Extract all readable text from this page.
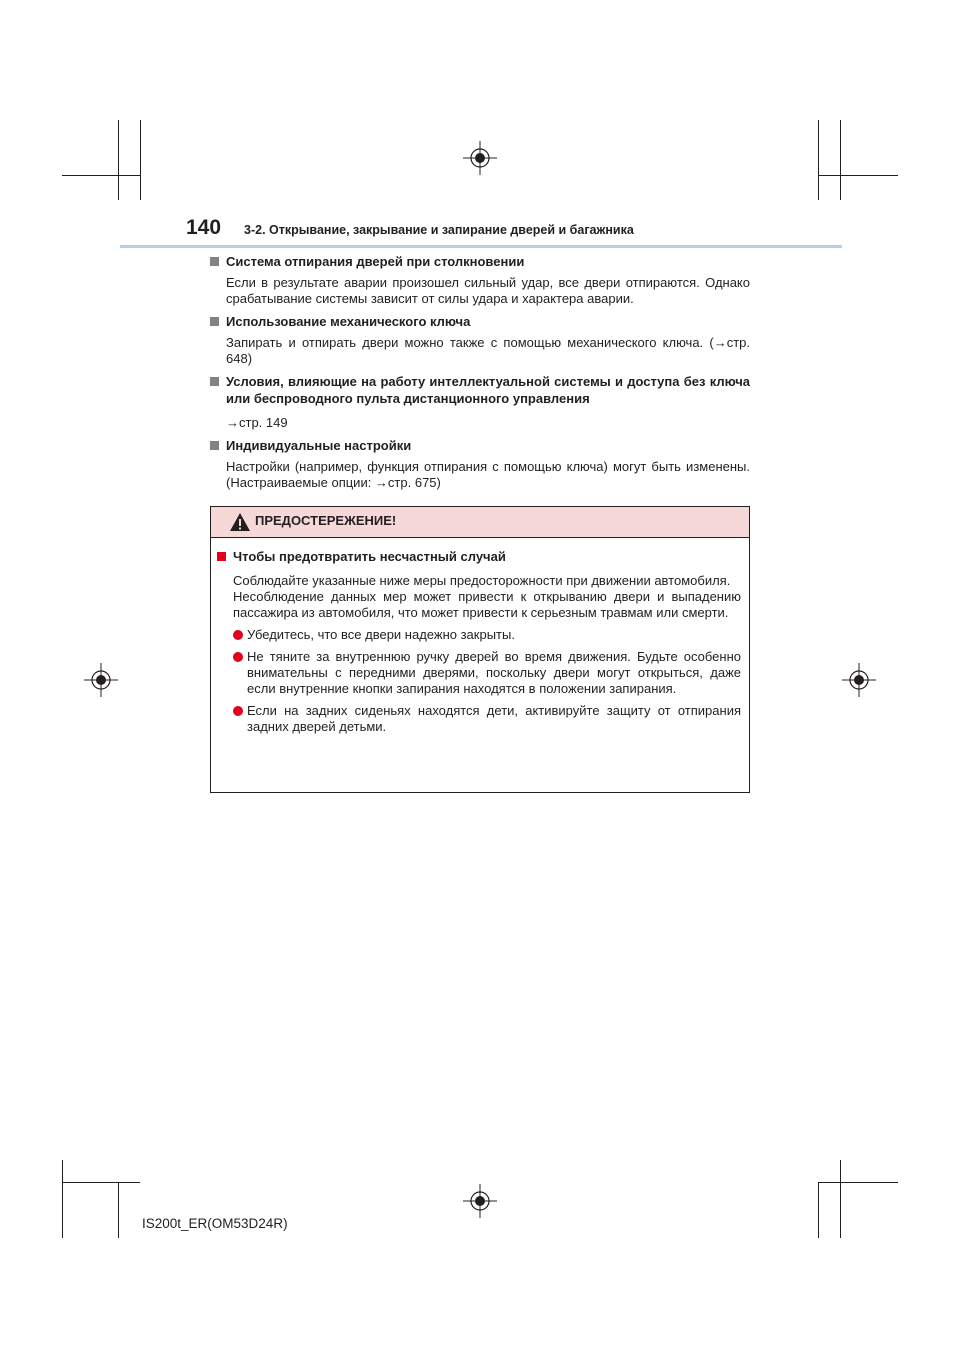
140 3-2. Открывание, закрывание и запирание дверей и багажника
Система отпирания дверей при столкновении
Если в результате аварии произошел сильный удар, все двери отпираются. Однако срабатывание системы зависит от силы удара и характера аварии.
Использование механического ключа
Запирать и отпирать двери можно также с помощью механического ключа. (→стр. 648)
Условия, влияющие на работу интеллектуальной системы и доступа без ключа или беспроводного пульта дистанционного управления
→стр. 149
Индивидуальные настройки
Настройки (например, функция отпирания с помощью ключа) могут быть изменены. (Настраиваемые опции: →стр. 675)
ПРЕДОСТЕРЕЖЕНИЕ!
Чтобы предотвратить несчастный случай
Соблюдайте указанные ниже меры предосторожности при движении автомобиля.
Несоблюдение данных мер может привести к открыванию двери и выпадению пассажира из автомобиля, что может привести к серьезным травмам или смерти.
Убедитесь, что все двери надежно закрыты.
Не тяните за внутреннюю ручку дверей во время движения. Будьте особенно внимательны с передними дверями, поскольку двери могут открыться, даже если внутренние кнопки запирания находятся в положении запирания.
Если на задних сиденьях находятся дети, активируйте защиту от отпирания задних дверей детьми.
IS200t_ER(OM53D24R)
